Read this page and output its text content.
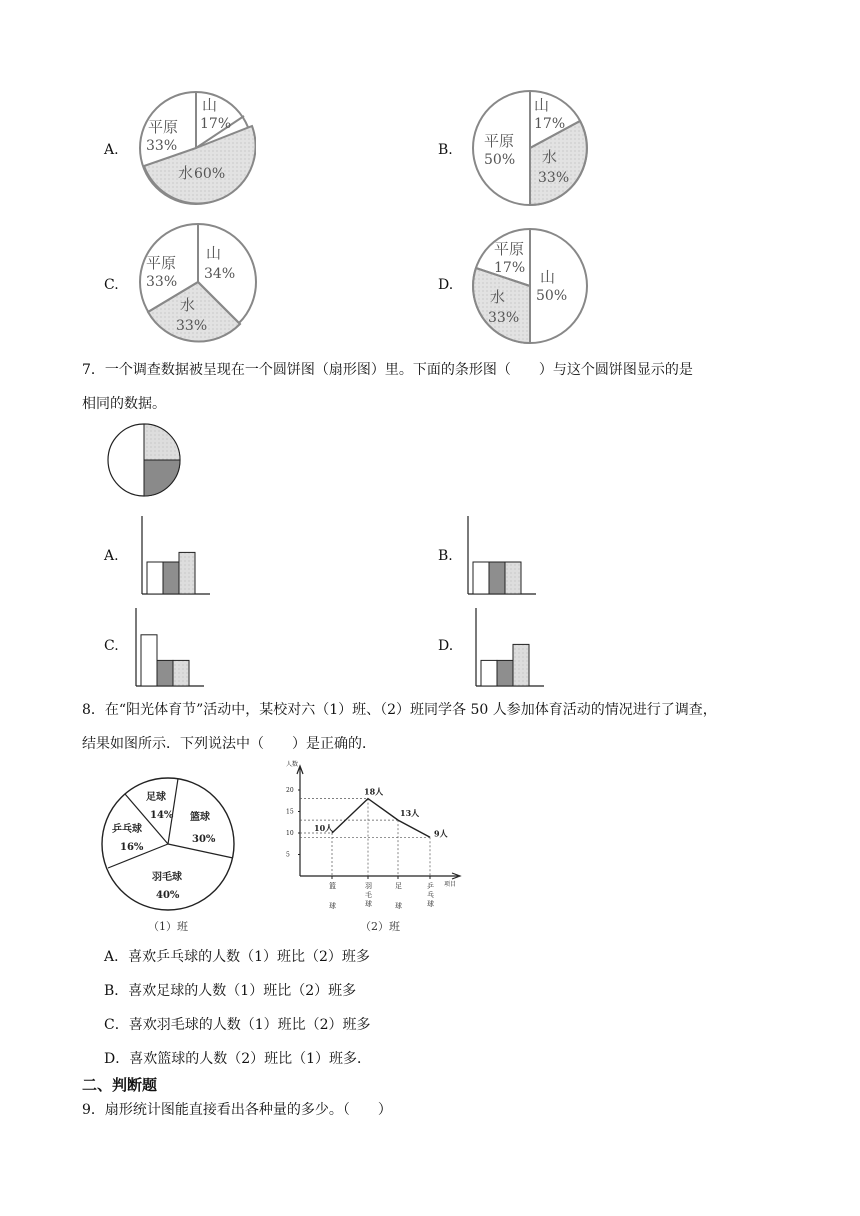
A.
山
17%
平原
33%
水 60%
B.
山
17%
平原
50% 水
33%
C.
山
34%
平原
33%
水
33%
D.
平原
17% 山
50%
水
33%
7．一个调查数据被呈现在一个圆饼图（扇形图）里。下面的条形图（　　）与这个圆饼图显示的是
相同的数据。
A.	B.
C.	D.
8．在“阳光体育节”活动中，某校对六（1）班、（2）班同学各 50 人参加体育活动的情况进行了调查，
结果如图所示．下列说法中（　　）是正确的．
足球
14% 篮球
30%
乒乓球
16%
羽毛球
40%
（1）班
人数
项目
5
10
15
20
10人
18人
13人
9人
篮球
羽毛球
足球
乒乓球
（2）班
A．喜欢乒乓球的人数（1）班比（2）班多
B．喜欢足球的人数（1）班比（2）班多
C．喜欢羽毛球的人数（1）班比（2）班多
D．喜欢篮球的人数（2）班比（1）班多．
二、判断题
9．扇形统计图能直接看出各种量的多少。（　　）
